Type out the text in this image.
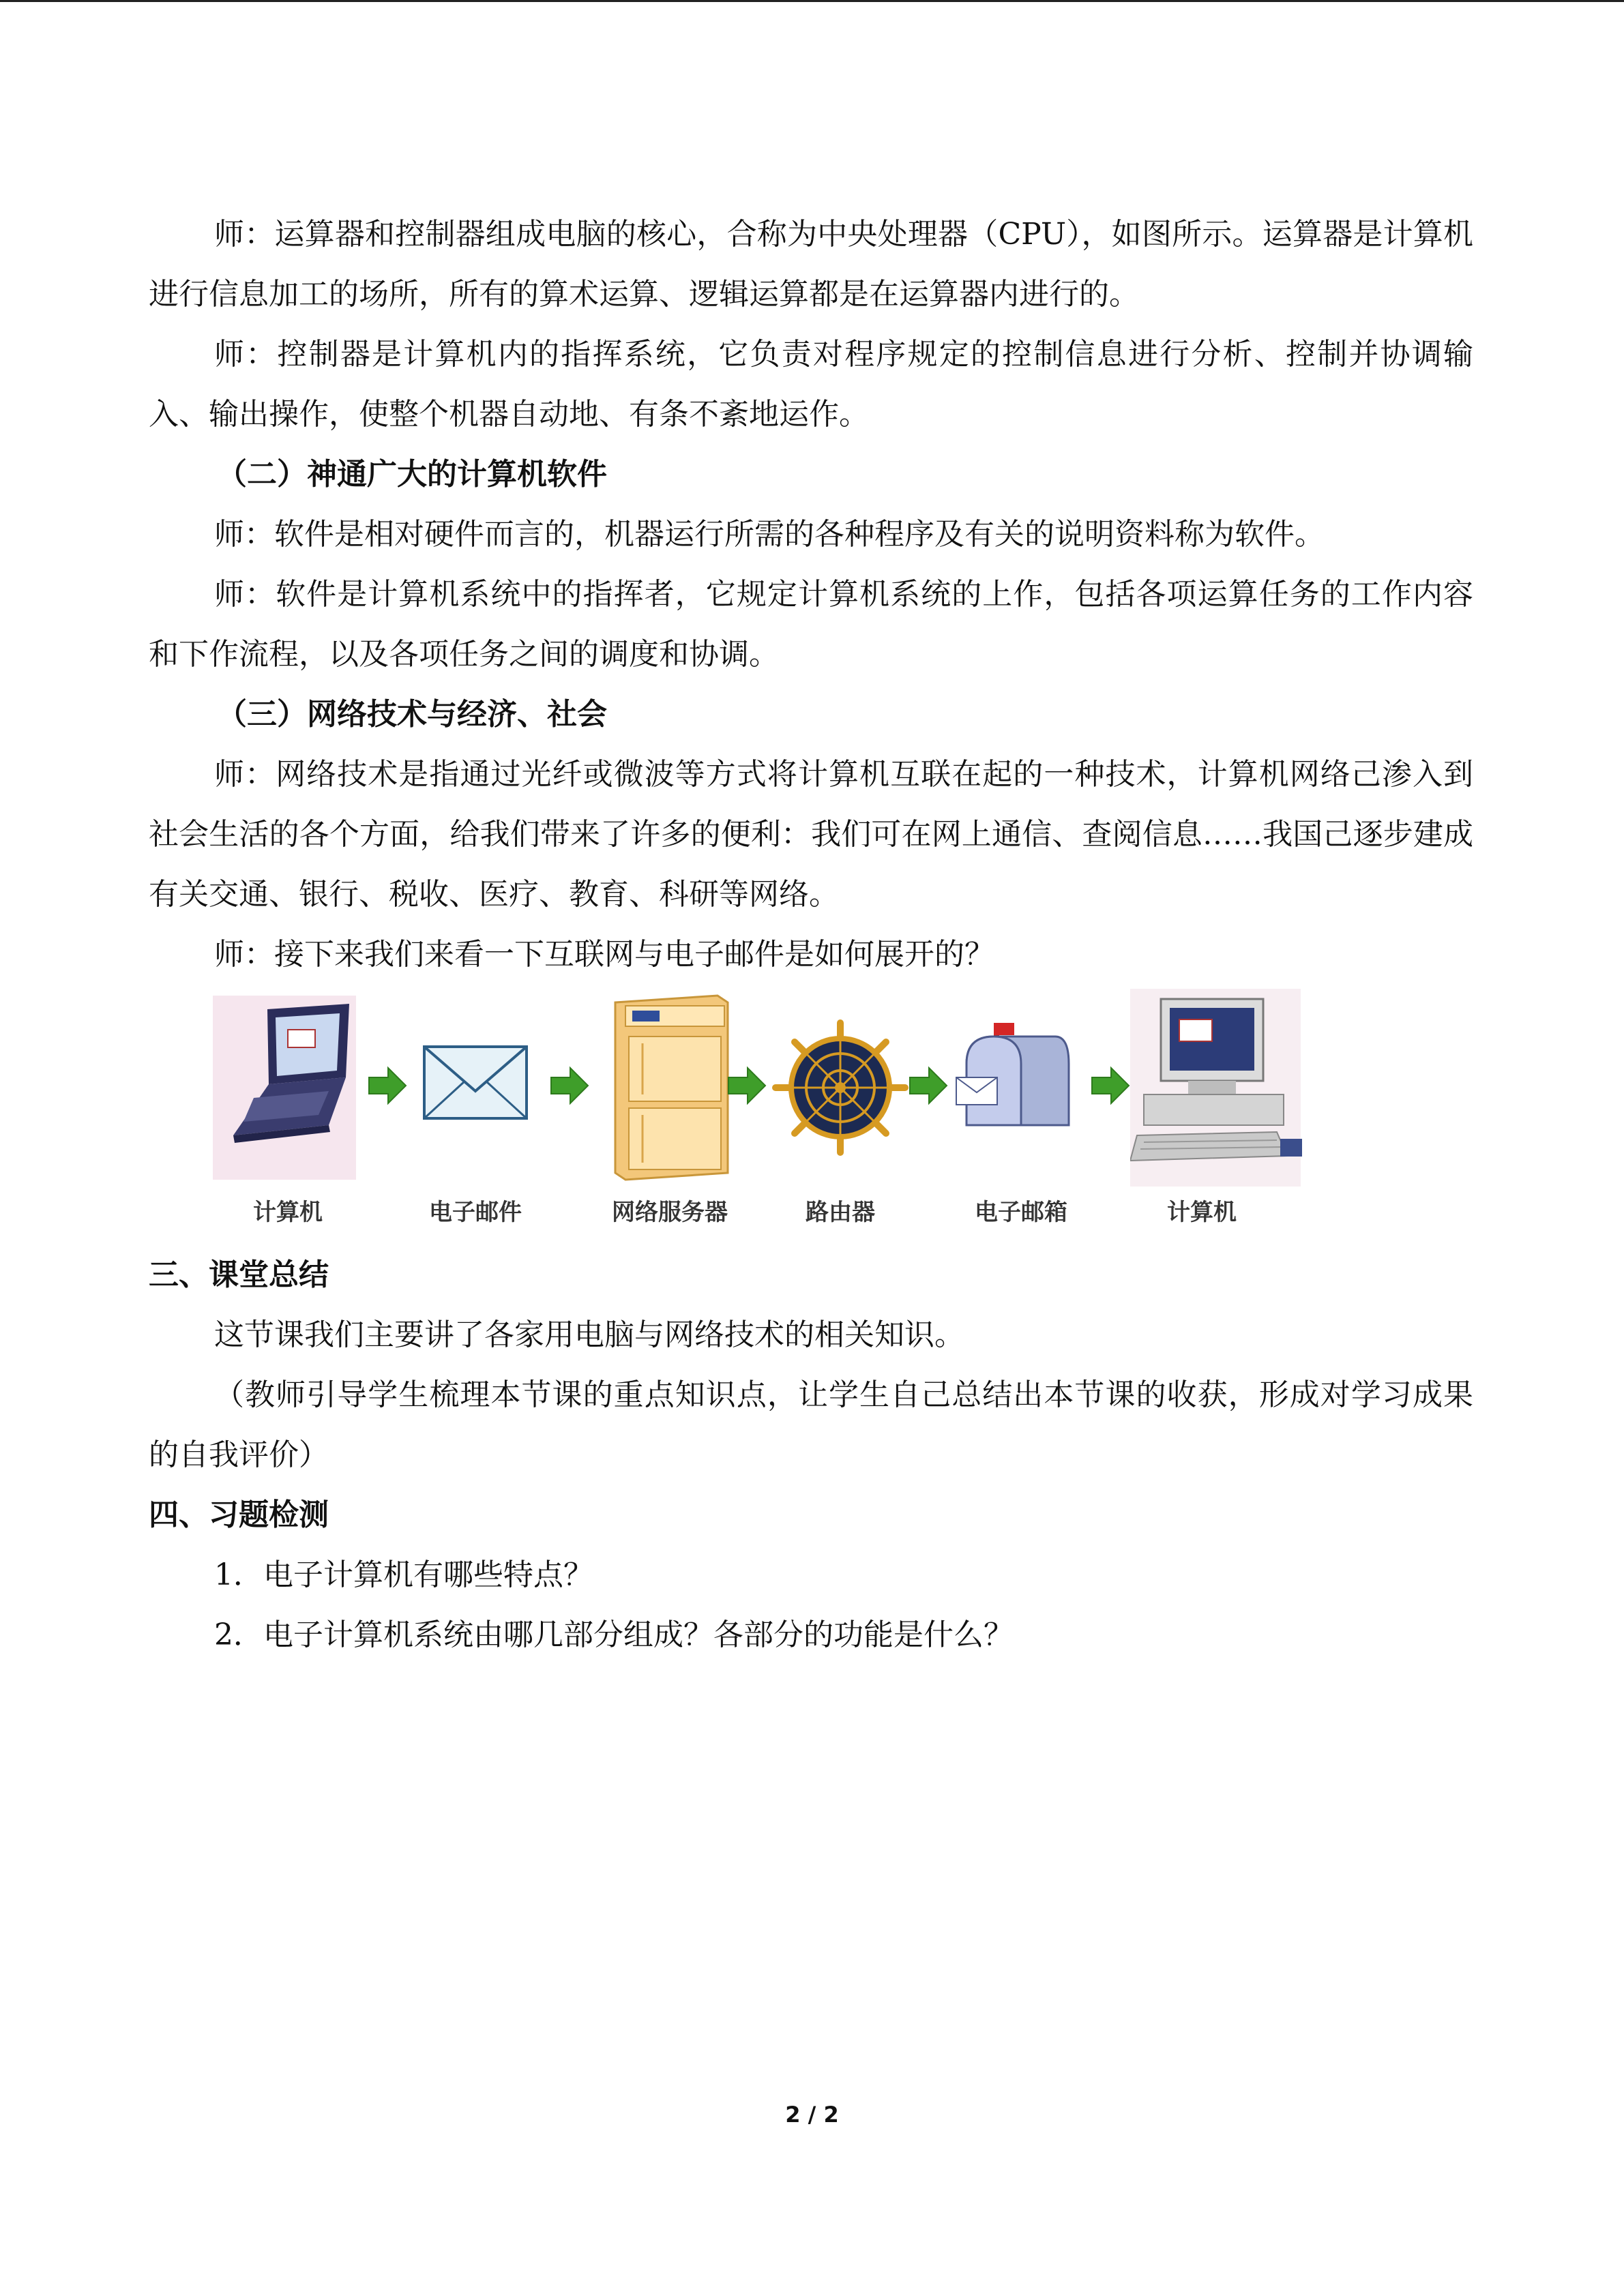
师：运算器和控制器组成电脑的核心，合称为中央处理器（CPU），如图所示。运算器是计算机进行信息加工的场所，所有的算术运算、逻辑运算都是在运算器内进行的。

师：控制器是计算机内的指挥系统，它负责对程序规定的控制信息进行分析、控制并协调输入、输出操作，使整个机器自动地、有条不紊地运作。

（二）神通广大的计算机软件

师：软件是相对硬件而言的，机器运行所需的各种程序及有关的说明资料称为软件。

师：软件是计算机系统中的指挥者，它规定计算机系统的上作，包括各项运算任务的工作内容和下作流程，以及各项任务之间的调度和协调。

（三）网络技术与经济、社会

师：网络技术是指通过光纤或微波等方式将计算机互联在起的一种技术，计算机网络己渗入到社会生活的各个方面，给我们带来了许多的便利：我们可在网上通信、查阅信息……我国己逐步建成有关交通、银行、税收、医疗、教育、科研等网络。

师：接下来我们来看一下互联网与电子邮件是如何展开的？

计算机	电子邮件	网络服务器	路由器	电子邮箱	计算机

三、课堂总结

这节课我们主要讲了各家用电脑与网络技术的相关知识。

（教师引导学生梳理本节课的重点知识点，让学生自己总结出本节课的收获，形成对学习成果的自我评价）

四、习题检测

1．电子计算机有哪些特点？

2．电子计算机系统由哪几部分组成？各部分的功能是什么？

2 / 2
